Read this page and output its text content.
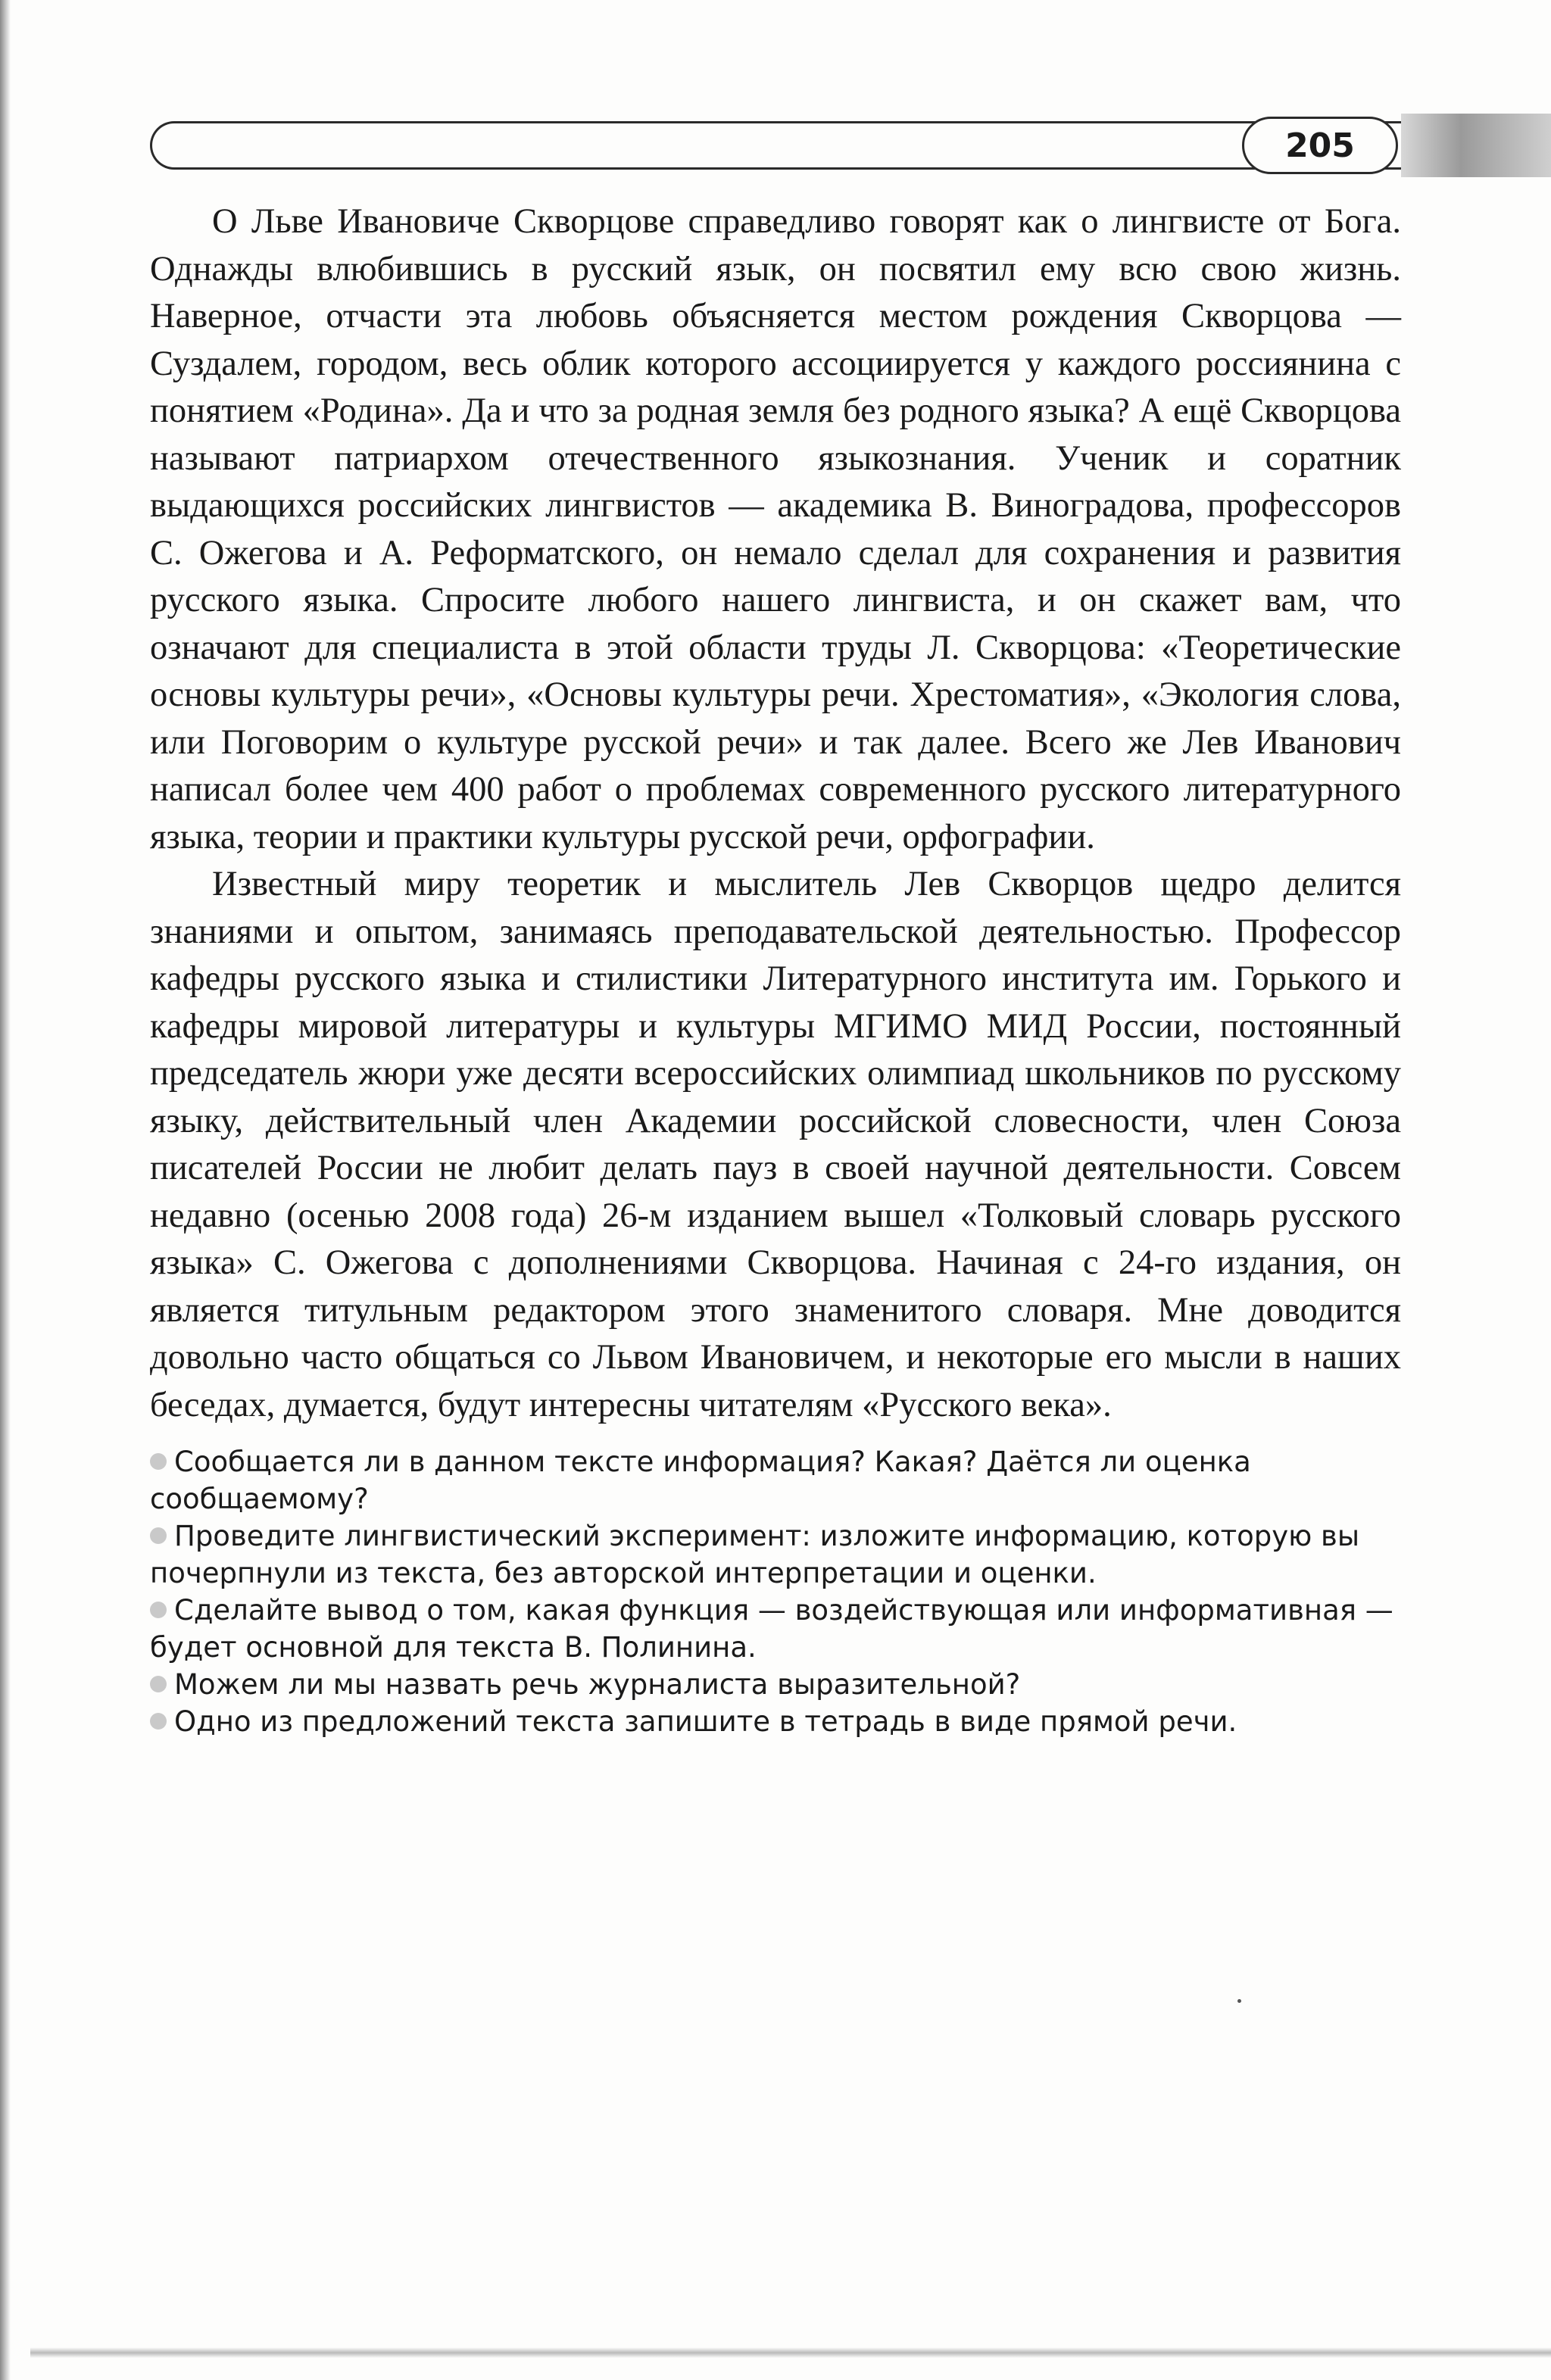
205

О Льве Ивановиче Скворцове справедливо говорят как о лингвисте от Бога. Однажды влюбившись в русский язык, он посвятил ему всю свою жизнь. Наверное, отчасти эта любовь объясняется местом рождения Скворцова — Суздалем, городом, весь облик которого ассоциируется у каждого россиянина с понятием «Родина». Да и что за родная земля без родного языка? А ещё Скворцова называют патриархом отечественного языкознания. Ученик и соратник выдающихся российских лингвистов — академика В. Виноградова, профессоров С. Ожегова и А. Реформатского, он немало сделал для сохранения и развития русского языка. Спросите любого нашего лингвиста, и он скажет вам, что означают для специалиста в этой области труды Л. Скворцова: «Теоретические основы культуры речи», «Основы культуры речи. Хрестоматия», «Экология слова, или Поговорим о культуре русской речи» и так далее. Всего же Лев Иванович написал более чем 400 работ о проблемах современного русского литературного языка, теории и практики культуры русской речи, орфографии.

Известный миру теоретик и мыслитель Лев Скворцов щедро делится знаниями и опытом, занимаясь преподавательской деятельностью. Профессор кафедры русского языка и стилистики Литературного института им. Горького и кафедры мировой литературы и культуры МГИМО МИД России, постоянный председатель жюри уже десяти всероссийских олимпиад школьников по русскому языку, действительный член Академии российской словесности, член Союза писателей России не любит делать пауз в своей научной деятельности. Совсем недавно (осенью 2008 года) 26-м изданием вышел «Толковый словарь русского языка» С. Ожегова с дополнениями Скворцова. Начиная с 24-го издания, он является титульным редактором этого знаменитого словаря. Мне доводится довольно часто общаться со Львом Ивановичем, и некоторые его мысли в наших беседах, думается, будут интересны читателям «Русского века».

Сообщается ли в данном тексте информация? Какая? Даётся ли оценка сообщаемому?
Проведите лингвистический эксперимент: изложите информацию, которую вы почерпнули из текста, без авторской интерпретации и оценки.
Сделайте вывод о том, какая функция — воздействующая или информативная — будет основной для текста В. Полинина.
Можем ли мы назвать речь журналиста выразительной?
Одно из предложений текста запишите в тетрадь в виде прямой речи.
